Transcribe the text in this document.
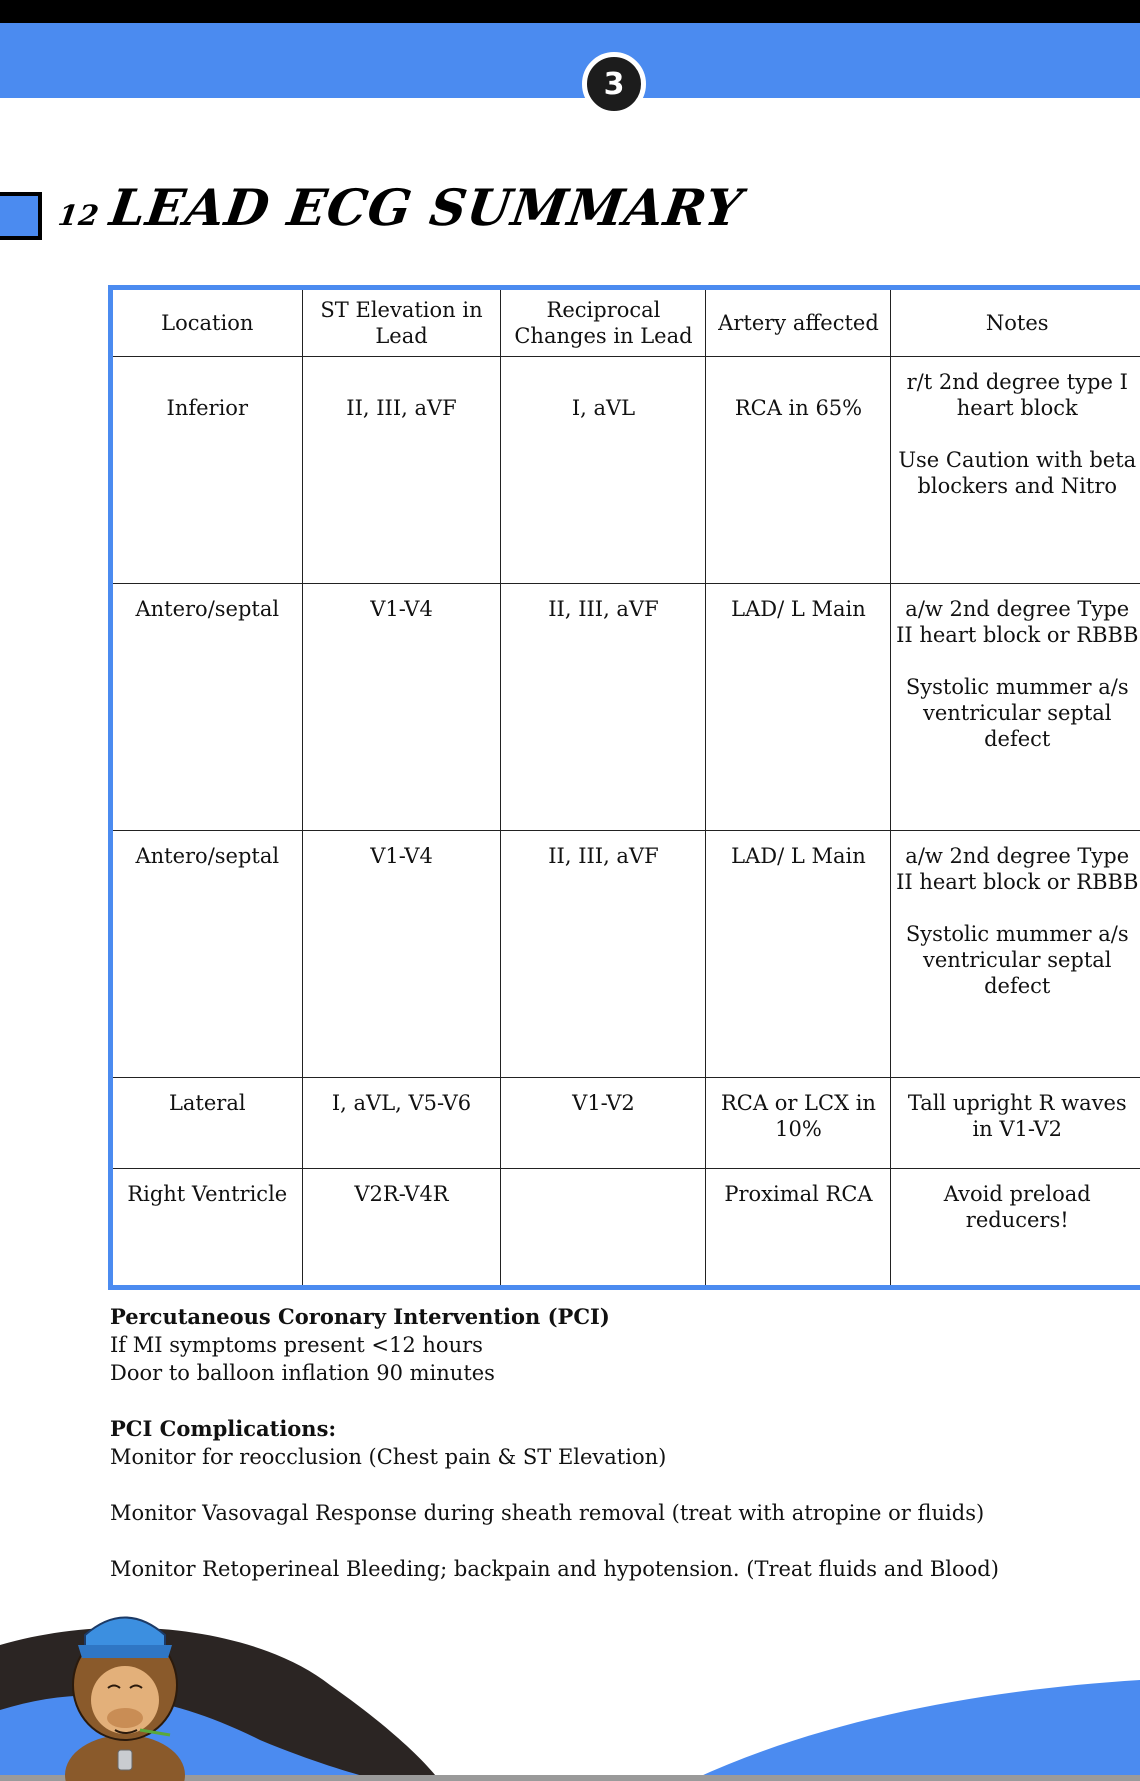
3
12LEAD ECG SUMMARY
Location	ST Elevation in Lead	Reciprocal Changes in Lead	Artery affected	Notes
Inferior	II, III, aVF	I, aVL	RCA in 65%	r/t 2nd degree type I heart block

Use Caution with beta blockers and Nitro
Antero/septal	V1-V4	II, III, aVF	LAD/ L Main	a/w 2nd degree Type II heart block or RBBB

Systolic mummer a/s ventricular septal defect
Antero/septal	V1-V4	II, III, aVF	LAD/ L Main	a/w 2nd degree Type II heart block or RBBB

Systolic mummer a/s ventricular septal defect
Lateral	I, aVL, V5-V6	V1-V2	RCA or LCX in 10%	Tall upright R waves in V1-V2
Right Ventricle	V2R-V4R		Proximal RCA	Avoid preload reducers!
Percutaneous Coronary Intervention (PCI)
If MI symptoms present <12 hours
Door to balloon inflation 90 minutes
PCI Complications:
Monitor for reocclusion (Chest pain & ST Elevation)
Monitor Vasovagal Response during sheath removal (treat with atropine or fluids)
Monitor Retoperineal Bleeding; backpain and hypotension. (Treat fluids and Blood)
